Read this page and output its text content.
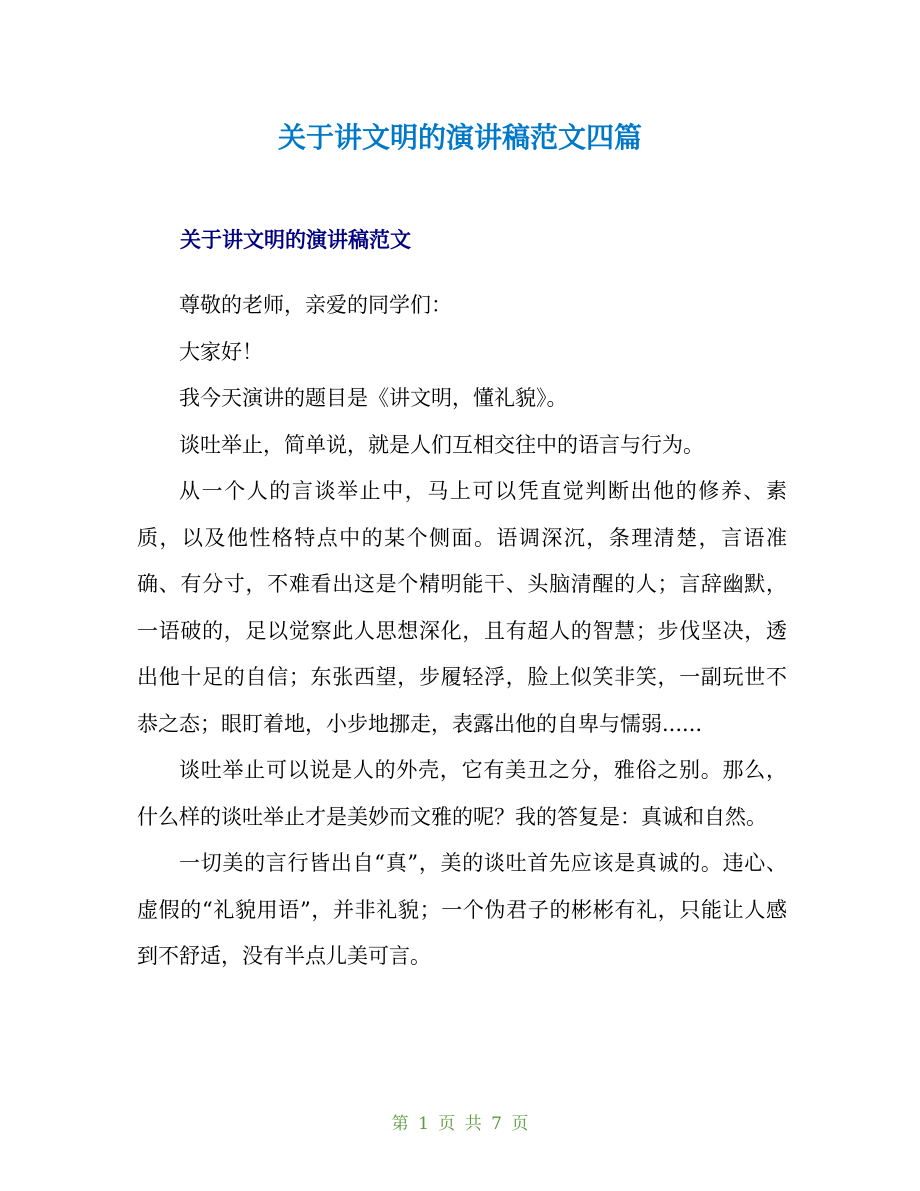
关于讲文明的演讲稿范文四篇
关于讲文明的演讲稿范文

尊敬的老师，亲爱的同学们：

大家好！

我今天演讲的题目是《讲文明，懂礼貌》。

谈吐举止，简单说，就是人们互相交往中的语言与行为。

从一个人的言谈举止中，马上可以凭直觉判断出他的修养、素质，以及他性格特点中的某个侧面。语调深沉，条理清楚，言语准确、有分寸，不难看出这是个精明能干、头脑清醒的人；言辞幽默，一语破的，足以觉察此人思想深化，且有超人的智慧；步伐坚决，透出他十足的自信；东张西望，步履轻浮，脸上似笑非笑，一副玩世不恭之态；眼盯着地，小步地挪走，表露出他的自卑与懦弱......

谈吐举止可以说是人的外壳，它有美丑之分，雅俗之别。那么，什么样的谈吐举止才是美妙而文雅的呢？我的答复是：真诚和自然。

一切美的言行皆出自“真”，美的谈吐首先应该是真诚的。违心、虚假的“礼貌用语”，并非礼貌；一个伪君子的彬彬有礼，只能让人感到不舒适，没有半点儿美可言。

第 1 页 共 7 页
